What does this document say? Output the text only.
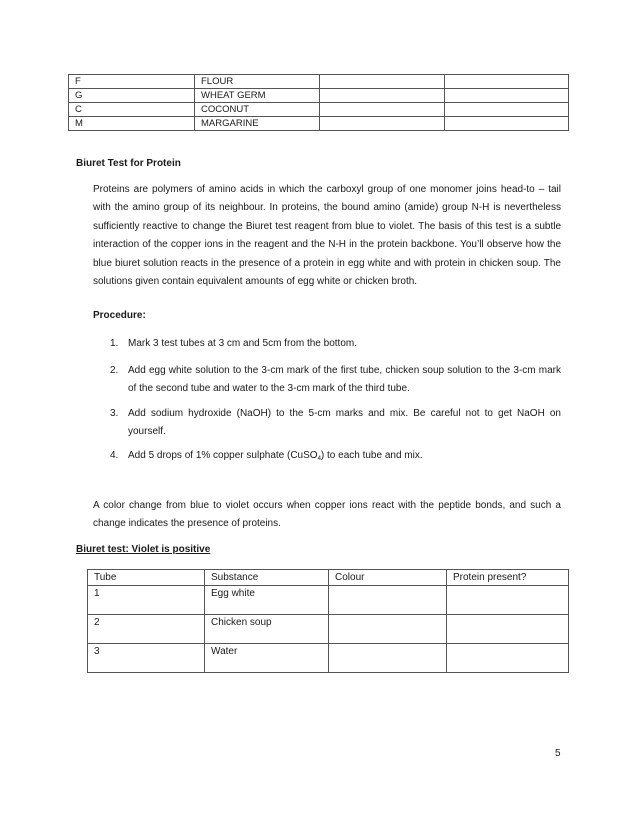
F	FLOUR		
G	WHEAT GERM		
C	COCONUT		
M	MARGARINE		
Biuret Test for Protein
Proteins are polymers of amino acids in which the carboxyl group of one monomer joins head-to – tail with the amino group of its neighbour. In proteins, the bound amino (amide) group N-H is nevertheless sufficiently reactive to change the Biuret test reagent from blue to violet. The basis of this test is a subtle interaction of the copper ions in the reagent and the N-H in the protein backbone. You’ll observe how the blue biuret solution reacts in the presence of a protein in egg white and with protein in chicken soup. The solutions given contain equivalent amounts of egg white or chicken broth.
Procedure:
1. Mark 3 test tubes at 3 cm and 5cm from the bottom.
2. Add egg white solution to the 3-cm mark of the first tube, chicken soup solution to the 3-cm mark of the second tube and water to the 3-cm mark of the third tube.
3. Add sodium hydroxide (NaOH) to the 5-cm marks and mix. Be careful not to get NaOH on yourself.
4. Add 5 drops of 1% copper sulphate (CuSO$_4$) to each tube and mix.
A color change from blue to violet occurs when copper ions react with the peptide bonds, and such a change indicates the presence of proteins.
Biuret test: Violet is positive
Tube	Substance	Colour	Protein present?
1	Egg white		
2	Chicken soup		
3	Water		
5
